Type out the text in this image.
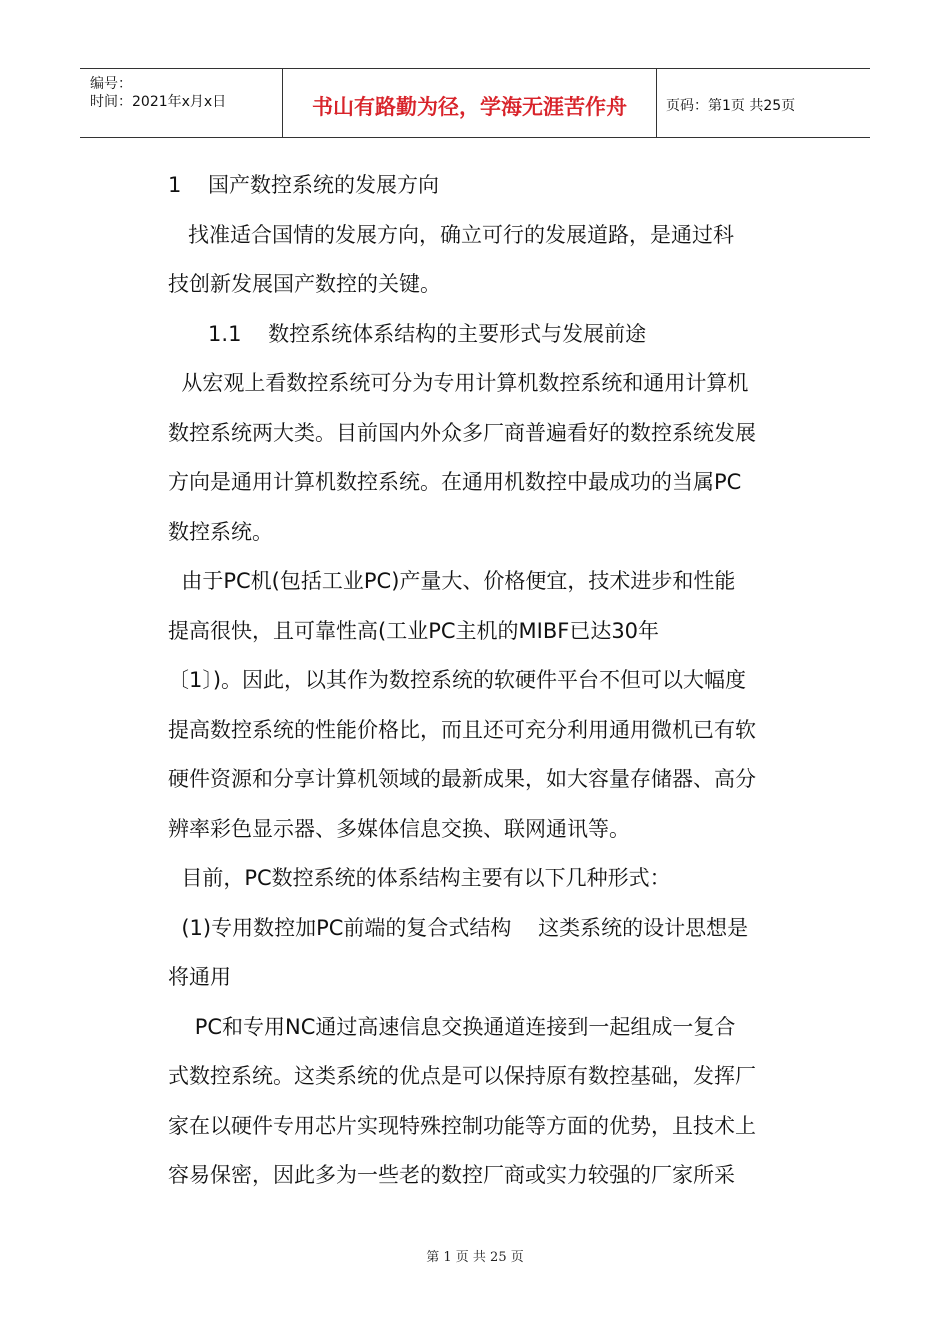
编号：
时间：2021年x月x日	书山有路勤为径，学海无涯苦作舟	页码：第1页 共25页
1    国产数控系统的发展方向
找准适合国情的发展方向，确立可行的发展道路，是通过科
技创新发展国产数控的关键。
1.1    数控系统体系结构的主要形式与发展前途
从宏观上看数控系统可分为专用计算机数控系统和通用计算机
数控系统两大类。目前国内外众多厂商普遍看好的数控系统发展
方向是通用计算机数控系统。在通用机数控中最成功的当属PC
数控系统。
由于PC机(包括工业PC)产量大、价格便宜，技术进步和性能
提高很快，且可靠性高(工业PC主机的MIBF已达30年
〔1〕)。因此，以其作为数控系统的软硬件平台不但可以大幅度
提高数控系统的性能价格比，而且还可充分利用通用微机已有软
硬件资源和分享计算机领域的最新成果，如大容量存储器、高分
辨率彩色显示器、多媒体信息交换、联网通讯等。
目前，PC数控系统的体系结构主要有以下几种形式：
(1)专用数控加PC前端的复合式结构    这类系统的设计思想是
将通用
PC和专用NC通过高速信息交换通道连接到一起组成一复合
式数控系统。这类系统的优点是可以保持原有数控基础，发挥厂
家在以硬件专用芯片实现特殊控制功能等方面的优势，且技术上
容易保密，因此多为一些老的数控厂商或实力较强的厂家所采
第 1 页 共 25 页
